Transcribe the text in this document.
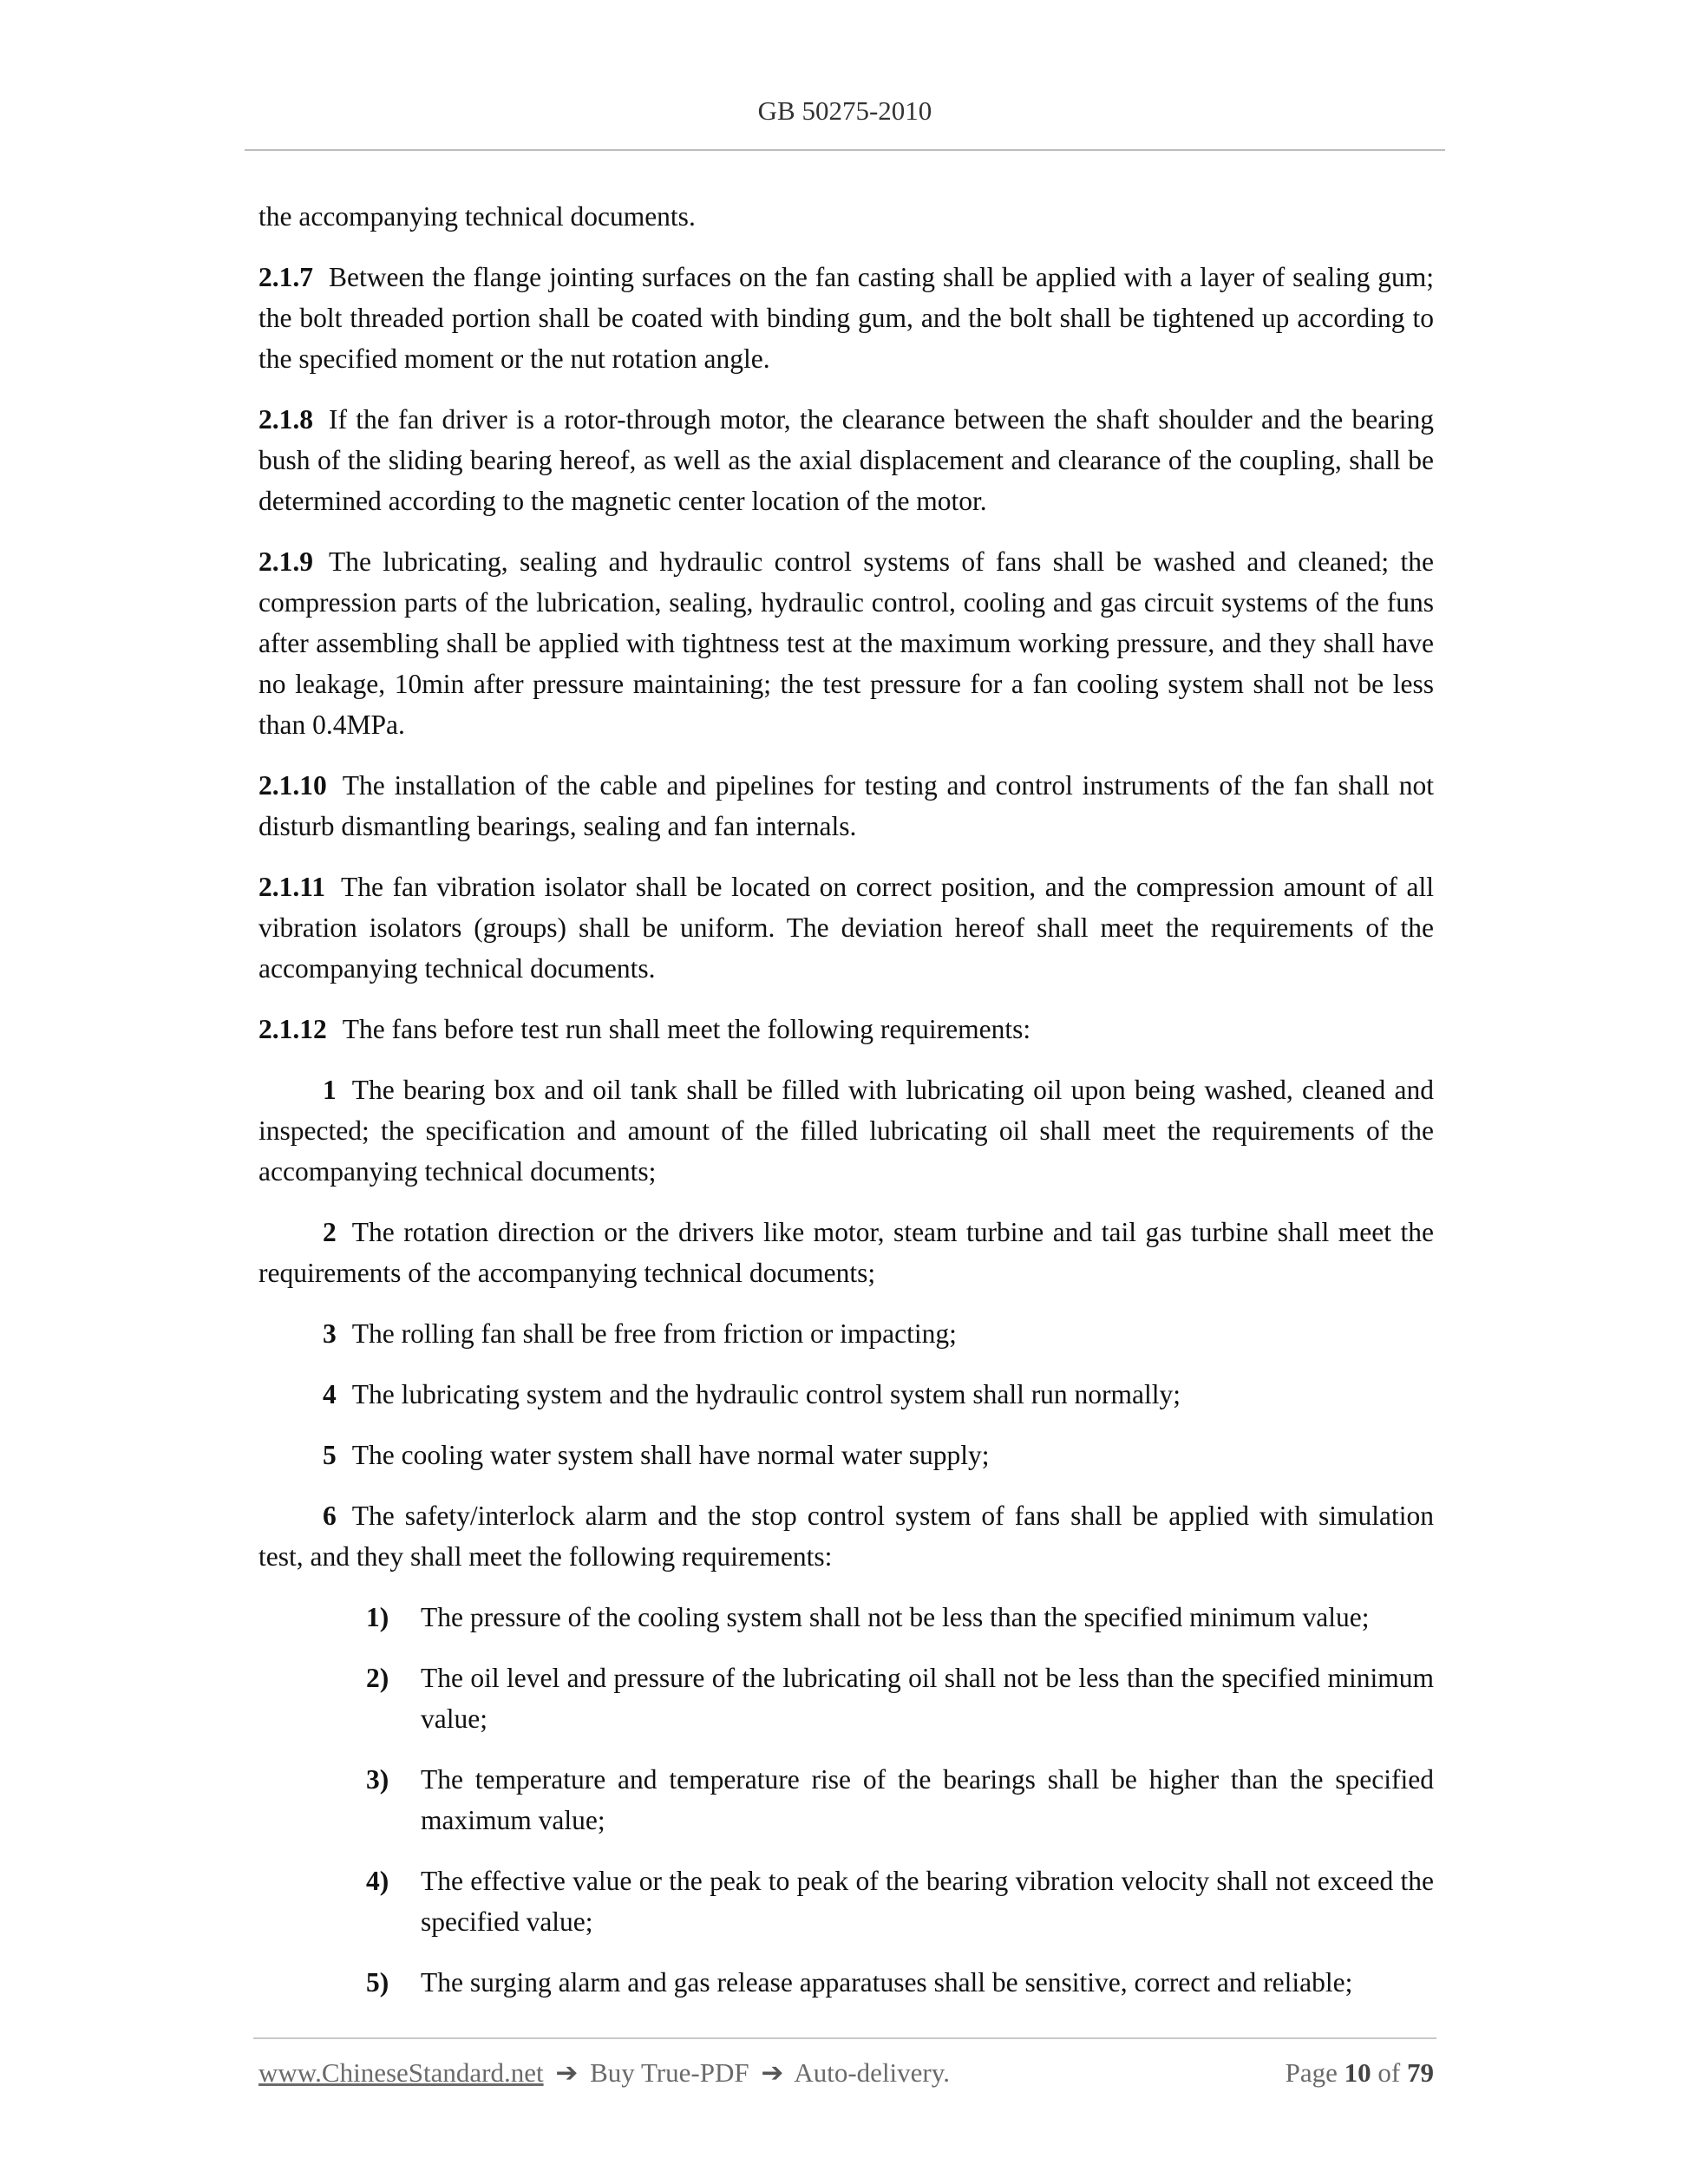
GB 50275-2010

the accompanying technical documents.

2.1.7 Between the flange jointing surfaces on the fan casting shall be applied with a layer of sealing gum; the bolt threaded portion shall be coated with binding gum, and the bolt shall be tightened up according to the specified moment or the nut rotation angle.

2.1.8 If the fan driver is a rotor-through motor, the clearance between the shaft shoulder and the bearing bush of the sliding bearing hereof, as well as the axial displacement and clearance of the coupling, shall be determined according to the magnetic center location of the motor.

2.1.9 The lubricating, sealing and hydraulic control systems of fans shall be washed and cleaned; the compression parts of the lubrication, sealing, hydraulic control, cooling and gas circuit systems of the funs after assembling shall be applied with tightness test at the maximum working pressure, and they shall have no leakage, 10min after pressure maintaining; the test pressure for a fan cooling system shall not be less than 0.4MPa.

2.1.10 The installation of the cable and pipelines for testing and control instruments of the fan shall not disturb dismantling bearings, sealing and fan internals.

2.1.11 The fan vibration isolator shall be located on correct position, and the compression amount of all vibration isolators (groups) shall be uniform. The deviation hereof shall meet the requirements of the accompanying technical documents.

2.1.12 The fans before test run shall meet the following requirements:

1 The bearing box and oil tank shall be filled with lubricating oil upon being washed, cleaned and inspected; the specification and amount of the filled lubricating oil shall meet the requirements of the accompanying technical documents;

2 The rotation direction or the drivers like motor, steam turbine and tail gas turbine shall meet the requirements of the accompanying technical documents;

3 The rolling fan shall be free from friction or impacting;

4 The lubricating system and the hydraulic control system shall run normally;

5 The cooling water system shall have normal water supply;

6 The safety/interlock alarm and the stop control system of fans shall be applied with simulation test, and they shall meet the following requirements:

1) The pressure of the cooling system shall not be less than the specified minimum value;
2) The oil level and pressure of the lubricating oil shall not be less than the specified minimum value;
3) The temperature and temperature rise of the bearings shall be higher than the specified maximum value;
4) The effective value or the peak to peak of the bearing vibration velocity shall not exceed the specified value;
5) The surging alarm and gas release apparatuses shall be sensitive, correct and reliable;
www.ChineseStandard.net ➔ Buy True-PDF ➔ Auto-delivery.	Page 10 of 79
